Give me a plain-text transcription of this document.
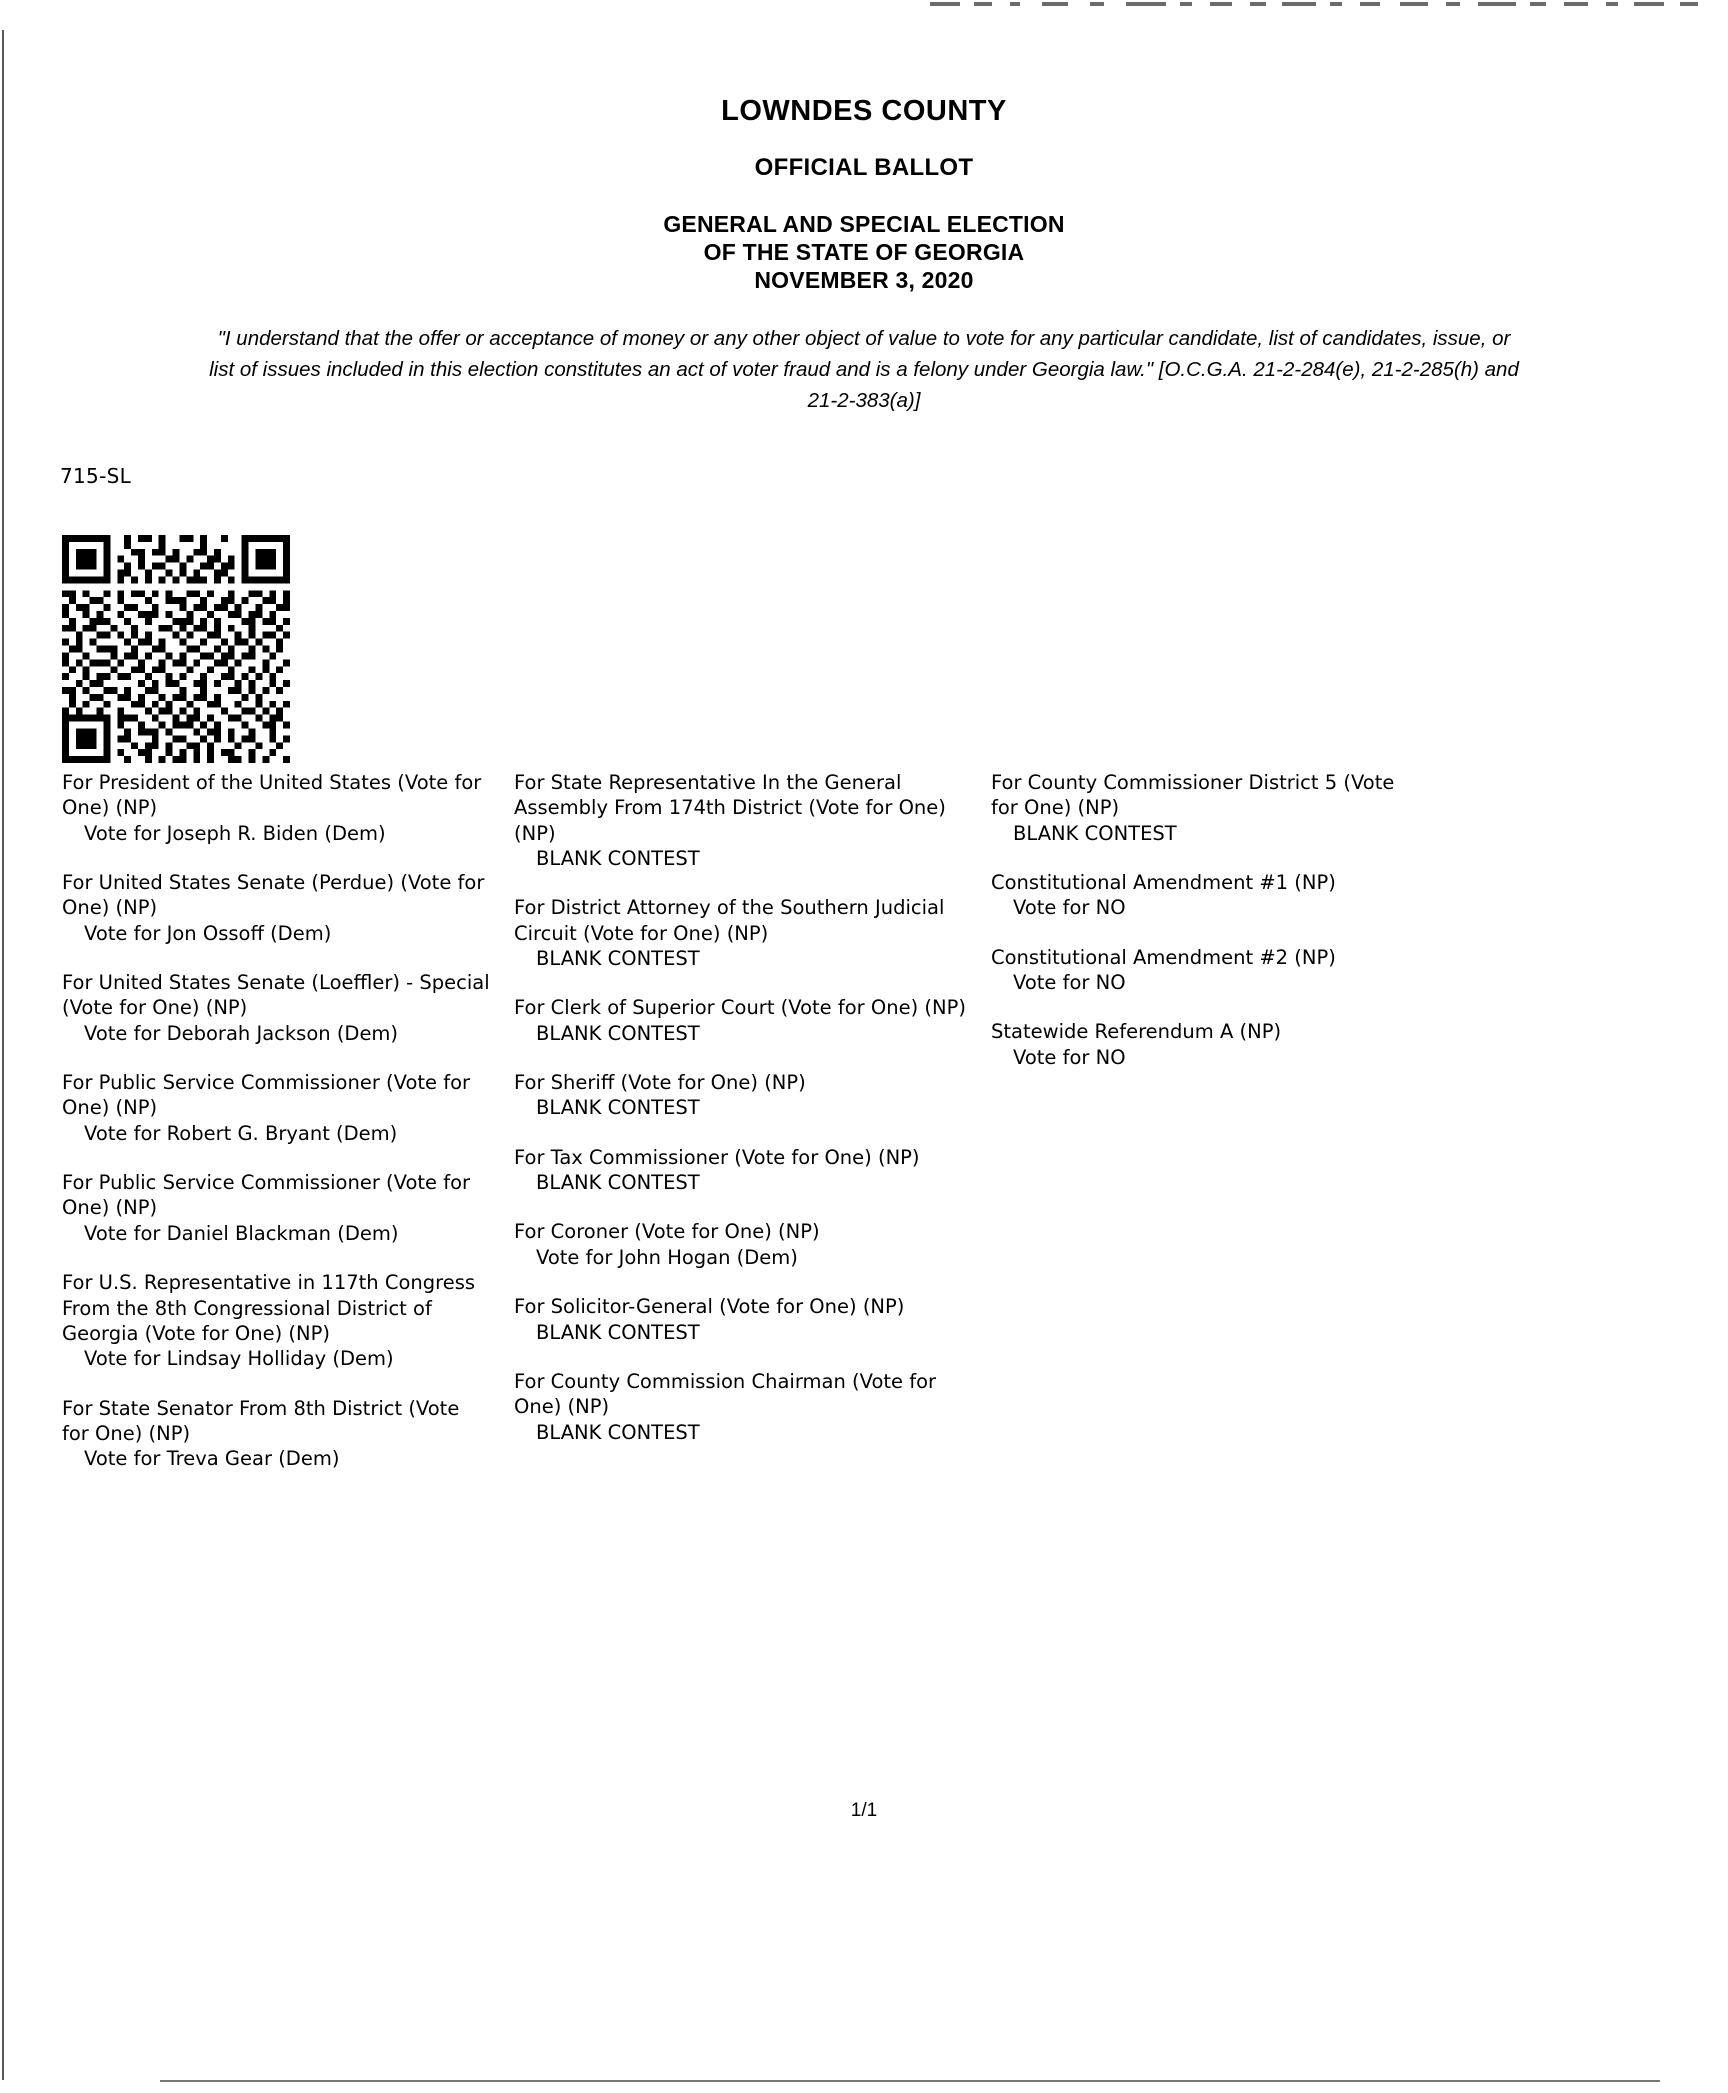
LOWNDES COUNTY
OFFICIAL BALLOT
GENERAL AND SPECIAL ELECTION
OF THE STATE OF GEORGIA
NOVEMBER 3, 2020
"I understand that the offer or acceptance of money or any other object of value to vote for any particular candidate, list of candidates, issue, or list of issues included in this election constitutes an act of voter fraud and is a felony under Georgia law." [O.C.G.A. 21-2-284(e), 21-2-285(h) and 21-2-383(a)]
715-SL
For President of the United States (Vote for One) (NP)
Vote for Joseph R. Biden (Dem)
For United States Senate (Perdue) (Vote for One) (NP)
Vote for Jon Ossoff (Dem)
For United States Senate (Loeffler) - Special (Vote for One) (NP)
Vote for Deborah Jackson (Dem)
For Public Service Commissioner (Vote for One) (NP)
Vote for Robert G. Bryant (Dem)
For Public Service Commissioner (Vote for One) (NP)
Vote for Daniel Blackman (Dem)
For U.S. Representative in 117th Congress From the 8th Congressional District of Georgia (Vote for One) (NP)
Vote for Lindsay Holliday (Dem)
For State Senator From 8th District (Vote for One) (NP)
Vote for Treva Gear (Dem)
For State Representative In the General Assembly From 174th District (Vote for One) (NP)
BLANK CONTEST
For District Attorney of the Southern Judicial Circuit (Vote for One) (NP)
BLANK CONTEST
For Clerk of Superior Court (Vote for One) (NP)
BLANK CONTEST
For Sheriff (Vote for One) (NP)
BLANK CONTEST
For Tax Commissioner (Vote for One) (NP)
BLANK CONTEST
For Coroner (Vote for One) (NP)
Vote for John Hogan (Dem)
For Solicitor-General (Vote for One) (NP)
BLANK CONTEST
For County Commission Chairman (Vote for One) (NP)
BLANK CONTEST
For County Commissioner District 5 (Vote for One) (NP)
BLANK CONTEST
Constitutional Amendment #1 (NP)
Vote for NO
Constitutional Amendment #2 (NP)
Vote for NO
Statewide Referendum A (NP)
Vote for NO
1/1
